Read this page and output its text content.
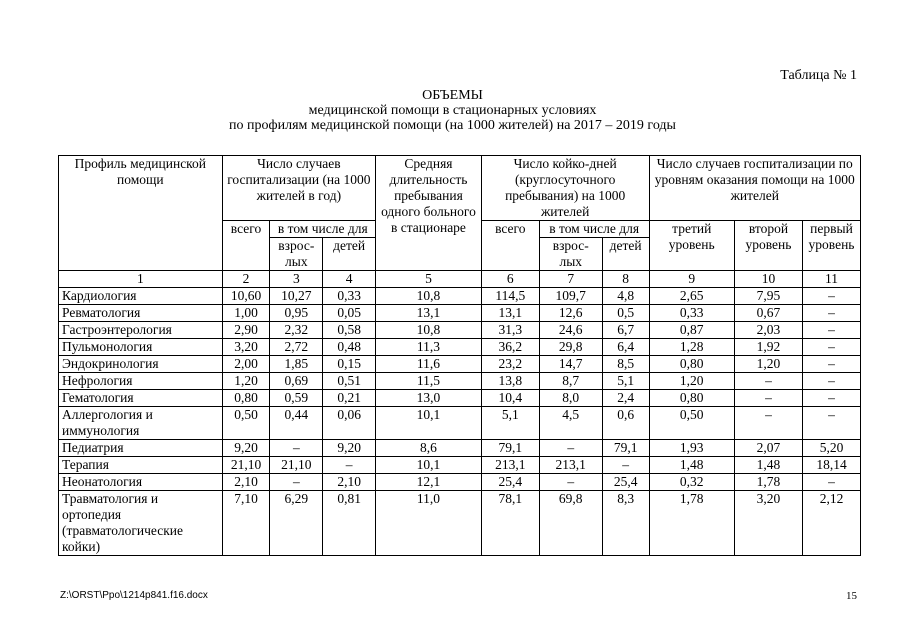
Таблица № 1
ОБЪЕМЫ
медицинской помощи в стационарных условиях
по профилям медицинской помощи (на 1000 жителей) на 2017 – 2019 годы
Профиль медицинской помощи	Число случаев госпитализации (на 1000 жителей в год)			Средняя длительность пребывания одного больного в стационаре	Число койко-дней (круглосуточного пребывания) на 1000 жителей			Число случаев госпитализации по уровням оказания помощи на 1000 жителей		
	всего	в том числе для			всего	в том числе для		третий уровень	второй уровень	первый уровень
		взрос-лых	детей			взрос-лых	детей			
1	2	3	4	5	6	7	8	9	10	11
Кардиология	10,60	10,27	0,33	10,8	114,5	109,7	4,8	2,65	7,95	–
Ревматология	1,00	0,95	0,05	13,1	13,1	12,6	0,5	0,33	0,67	–
Гастроэнтерология	2,90	2,32	0,58	10,8	31,3	24,6	6,7	0,87	2,03	–
Пульмонология	3,20	2,72	0,48	11,3	36,2	29,8	6,4	1,28	1,92	–
Эндокринология	2,00	1,85	0,15	11,6	23,2	14,7	8,5	0,80	1,20	–
Нефрология	1,20	0,69	0,51	11,5	13,8	8,7	5,1	1,20	–	–
Гематология	0,80	0,59	0,21	13,0	10,4	8,0	2,4	0,80	–	–
Аллергология и иммунология	0,50	0,44	0,06	10,1	5,1	4,5	0,6	0,50	–	–
Педиатрия	9,20	–	9,20	8,6	79,1	–	79,1	1,93	2,07	5,20
Терапия	21,10	21,10	–	10,1	213,1	213,1	–	1,48	1,48	18,14
Неонатология	2,10	–	2,10	12,1	25,4	–	25,4	0,32	1,78	–
Травматология и ортопедия (травматологические койки)	7,10	6,29	0,81	11,0	78,1	69,8	8,3	1,78	3,20	2,12
Z:\ORST\Ppo\1214p841.f16.docx	15
